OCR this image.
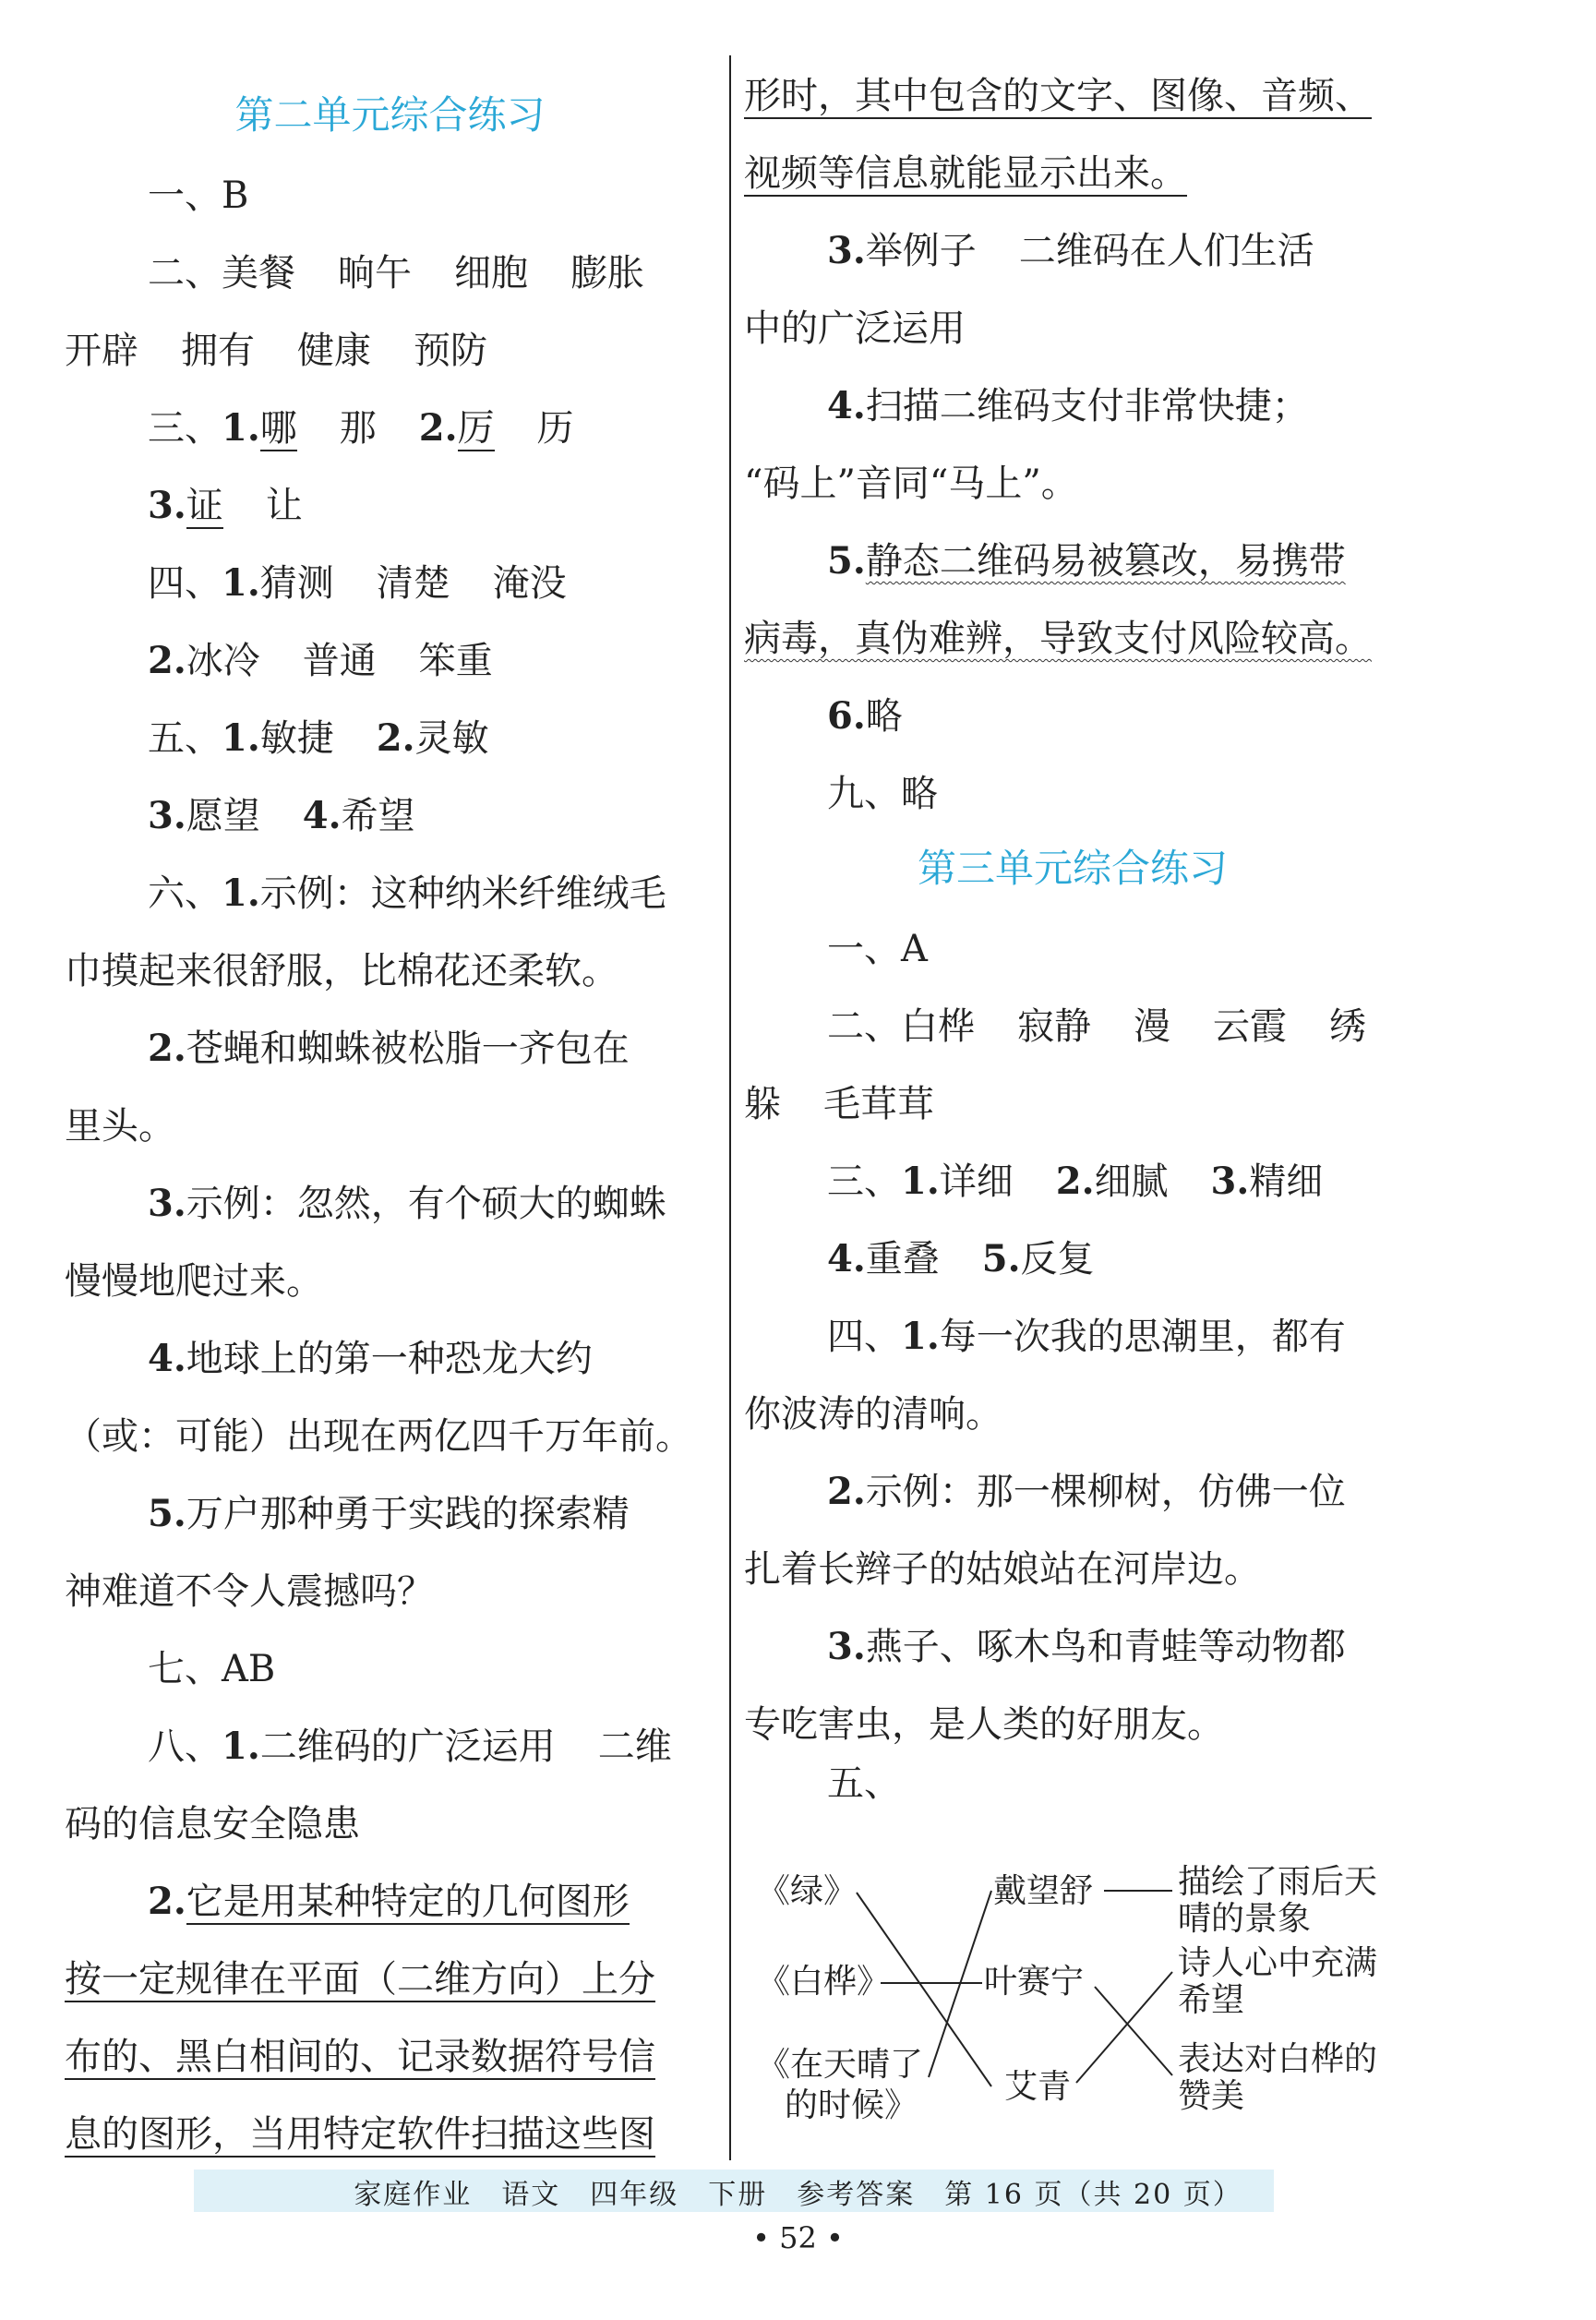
第二单元综合练习
一、B
二、美餐 晌午 细胞 膨胀
开辟 拥有 健康 预防
三、1.哪 那 2.厉 历
3.证 让
四、1.猜测 清楚 淹没
2.冰冷 普通 笨重
五、1.敏捷 2.灵敏
3.愿望 4.希望
六、1.示例：这种纳米纤维绒毛
巾摸起来很舒服，比棉花还柔软。
2.苍蝇和蜘蛛被松脂一齐包在
里头。
3.示例：忽然，有个硕大的蜘蛛
慢慢地爬过来。
4.地球上的第一种恐龙大约
（或：可能）出现在两亿四千万年前。
5.万户那种勇于实践的探索精
神难道不令人震撼吗？
七、AB
八、1.二维码的广泛运用 二维
码的信息安全隐患
2.它是用某种特定的几何图形
按一定规律在平面（二维方向）上分
布的、黑白相间的、记录数据符号信
息的图形，当用特定软件扫描这些图
形时，其中包含的文字、图像、音频、
视频等信息就能显示出来。
3.举例子 二维码在人们生活
中的广泛运用
4.扫描二维码支付非常快捷；
“码上”音同“马上”。
5.静态二维码易被篡改，易携带
病毒，真伪难辨，导致支付风险较高。
6.略
九、略
第三单元综合练习
一、A
二、白桦 寂静 漫 云霞 绣
躲 毛茸茸
三、1.详细 2.细腻 3.精细
4.重叠 5.反复
四、1.每一次我的思潮里，都有
你波涛的清响。
2.示例：那一棵柳树，仿佛一位
扎着长辫子的姑娘站在河岸边。
3.燕子、啄木鸟和青蛙等动物都
专吃害虫，是人类的好朋友。
五、
《绿》
《白桦》
《在天晴了
的时候》
戴望舒
叶赛宁
艾青
描绘了雨后天
晴的景象
诗人心中充满
希望
表达对白桦的
赞美
家庭作业　语文　四年级　下册　参考答案　第 16 页（共 20 页）
• 52 •
